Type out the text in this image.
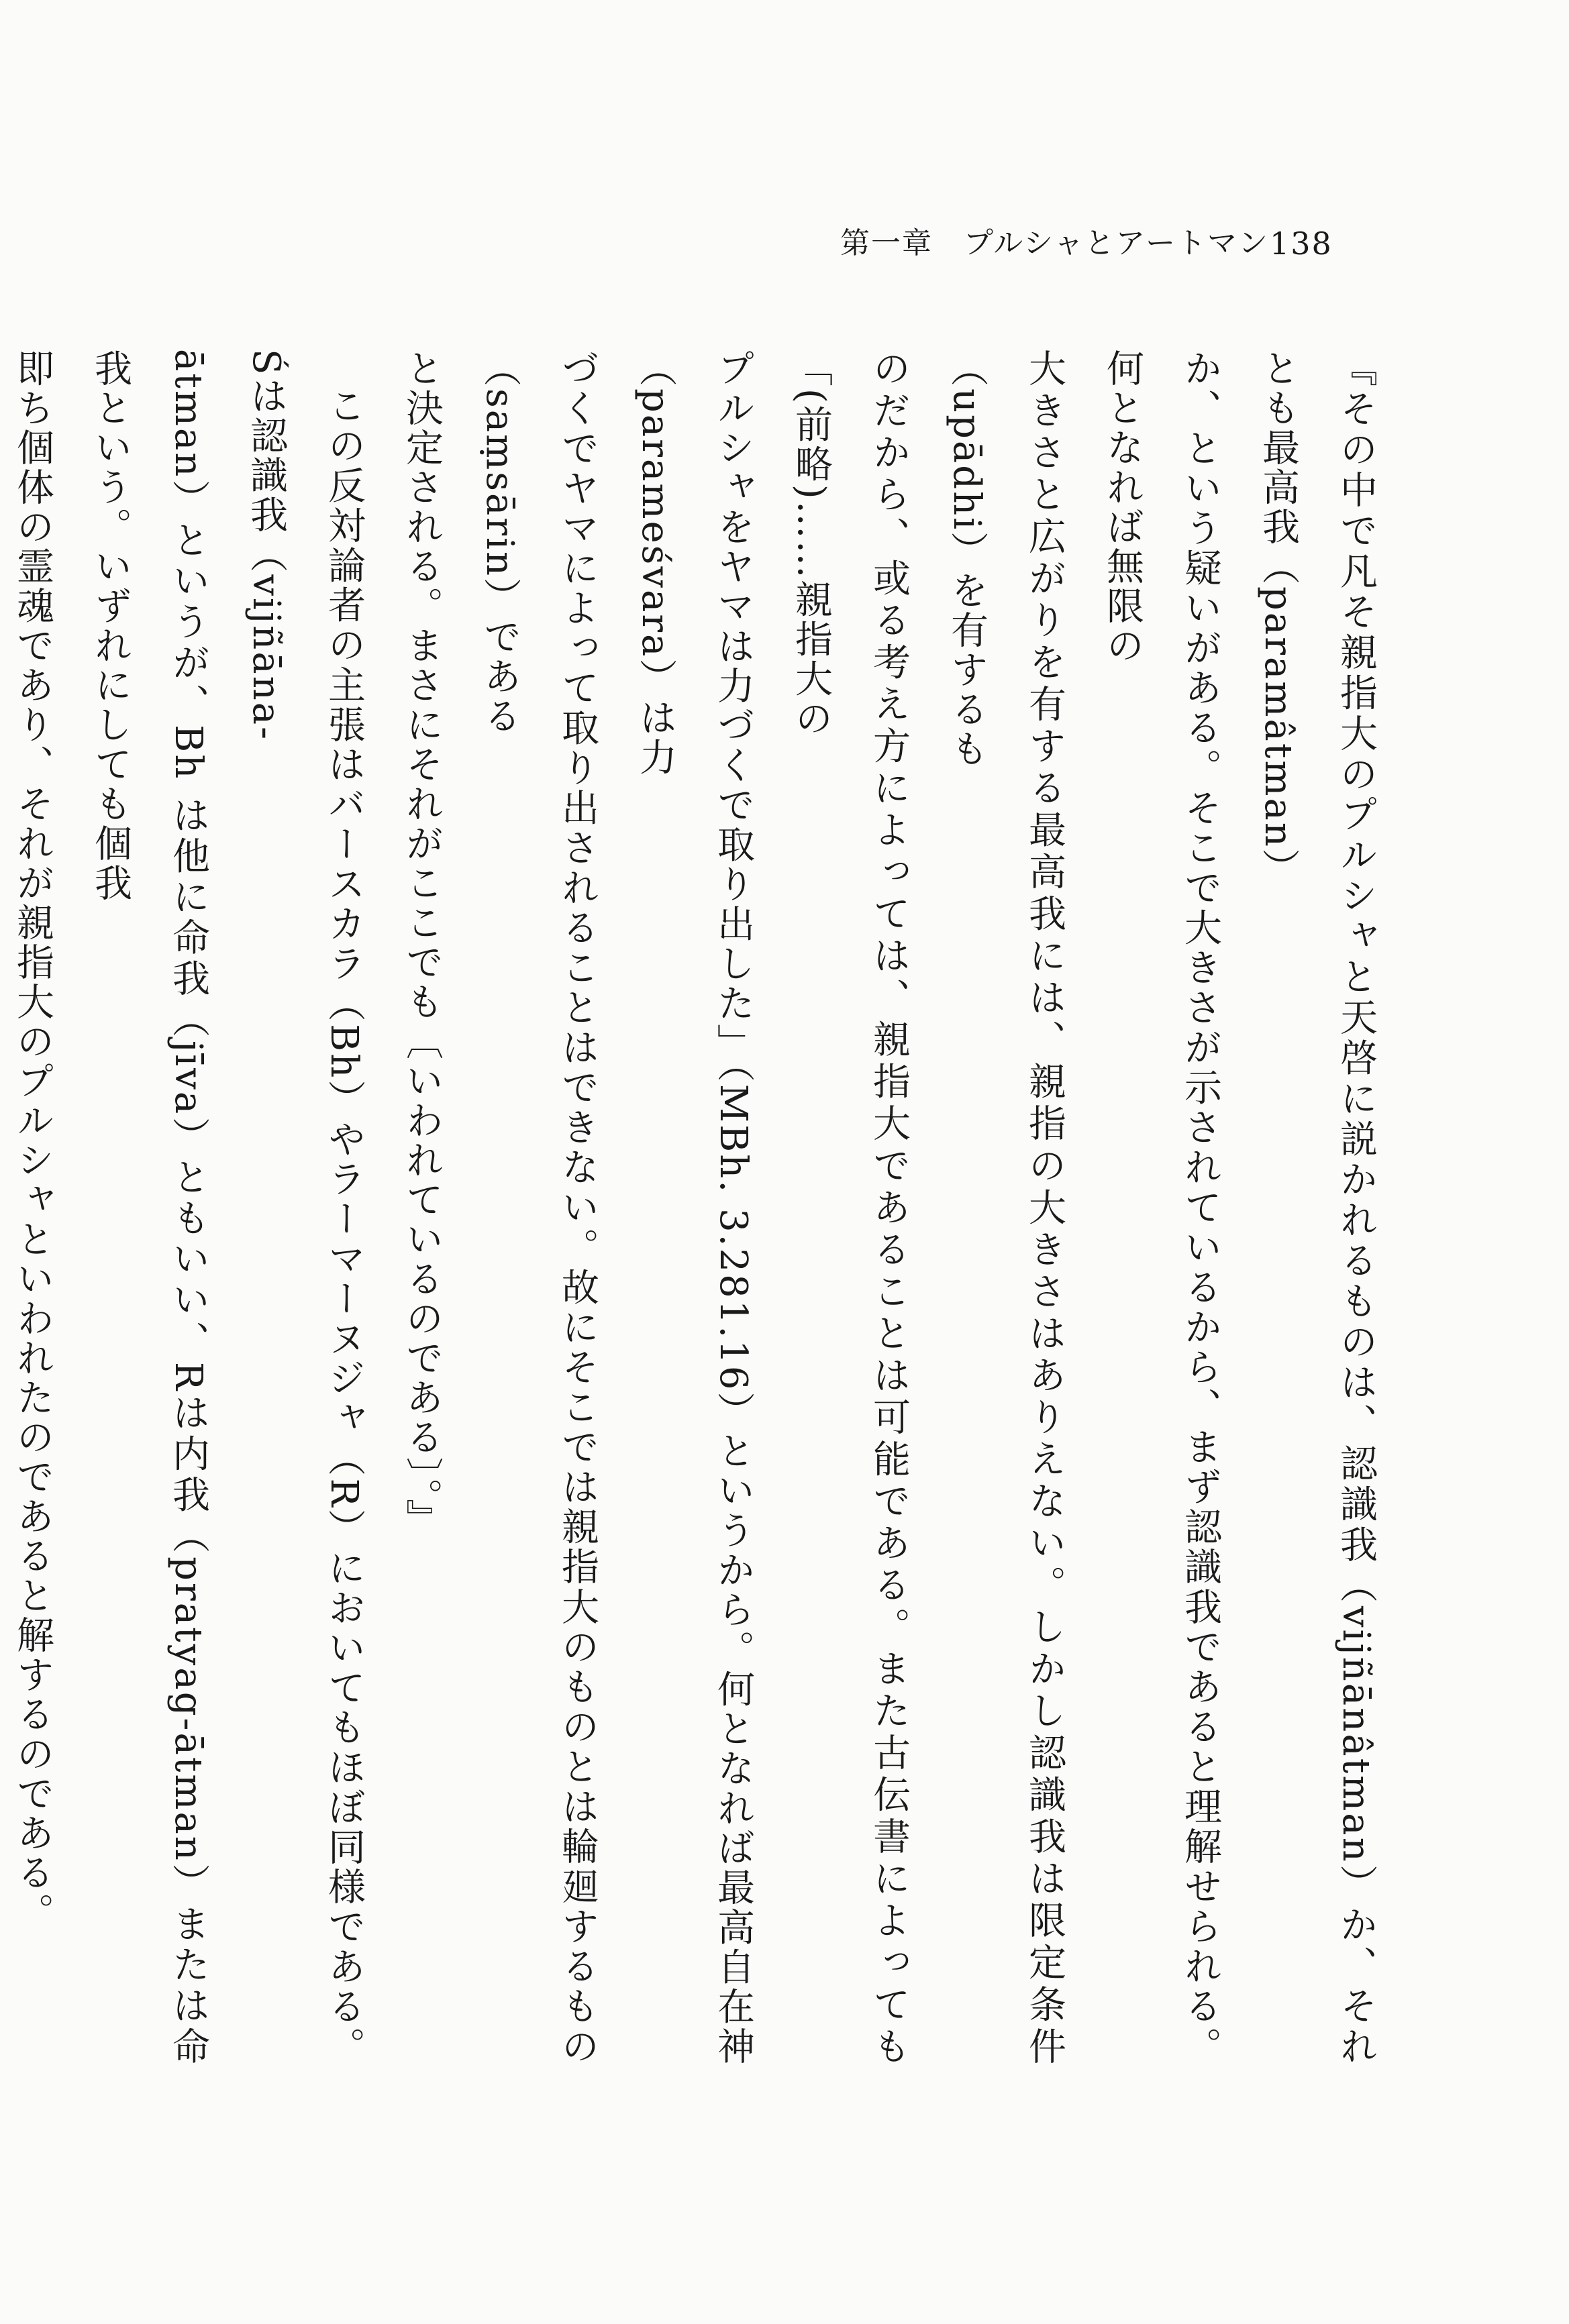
第一章　プルシャとアートマン 138

『その中で凡そ親指大のプルシャと天啓に説かれるものは、認識我（vijñānâtman）か、それとも最高我（paramâtman）

か、という疑いがある。そこで大きさが示されているから、まず認識我であると理解せられる。何となれば無限の

大きさと広がりを有する最高我には、親指の大きさはありえない。しかし認識我は限定条件（upādhi）を有するも

のだから、或る考え方によっては、親指大であることは可能である。また古伝書によっても「(前略)……親指大の

プルシャをヤマは力づくで取り出した」（MBh. 3.281.16）というから。何となれば最高自在神（parameśvara）は力

づくでヤマによって取り出されることはできない。故にそこでは親指大のものとは輪廻するもの（saṃsārin）である

と決定される。まさにそれがここでも〔いわれているのである〕。』

この反対論者の主張はバースカラ（Bh）やラーマーヌジャ（R）においてもほぼ同様である。Śは認識我（vijñāna-

ātman）というが、Bh は他に命我（jīva）ともいい、Rは内我（pratyag-ātman）または命我という。いずれにしても個我

即ち個体の霊魂であり、それが親指大のプルシャといわれたのであると解するのである。
